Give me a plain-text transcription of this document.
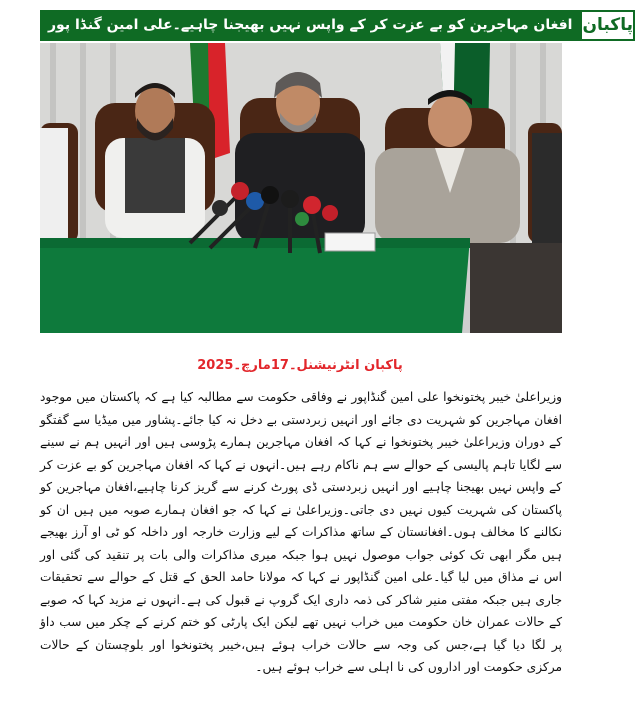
افغان مہاجرین کو بے عزت کر کے واپس نہیں بھیجنا چاہیے۔علی امین گنڈا پور پاکبان
پاکبان انٹرنیشنل۔17مارچ۔2025

وزیراعلیٰ خیبر پختونخوا علی امین گنڈاپور نے وفاقی حکومت سے مطالبہ کیا ہے کہ پاکستان میں موجود افغان مہاجرین کو شہریت دی جائے اور انہیں زبردستی بے دخل نہ کیا جائے۔پشاور میں میڈیا سے گفتگو کے دوران وزیراعلیٰ خیبر پختونخوا نے کہا کہ افغان مہاجرین ہمارے پڑوسی ہیں اور انہیں ہم نے سینے سے لگایا تاہم پالیسی کے حوالے سے ہم ناکام رہے ہیں۔انہوں نے کہا کہ افغان مہاجرین کو بے عزت کر کے واپس نہیں بھیجنا چاہیے اور انہیں زبردستی ڈی پورٹ کرنے سے گریز کرنا چاہیے،افغان مہاجرین کو پاکستان کی شہریت کیوں نہیں دی جاتی۔وزیراعلیٰ نے کہا کہ جو افغان ہمارے صوبہ میں ہیں ان کو نکالنے کا مخالف ہوں۔افغانستان کے ساتھ مذاکرات کے لیے وزارت خارجہ اور داخلہ کو ٹی او آرز بھیجے ہیں مگر ابھی تک کوئی جواب موصول نہیں ہوا جبکہ میری مذاکرات والی بات پر تنقید کی گئی اور اس نے مذاق میں لیا گیا۔علی امین گنڈاپور نے کہا کہ مولانا حامد الحق کے قتل کے حوالے سے تحقیقات جاری ہیں جبکہ مفتی منیر شاکر کی ذمہ داری ایک گروپ نے قبول کی ہے۔انہوں نے مزید کہا کہ صوبے کے حالات عمران خان حکومت میں خراب نہیں تھے لیکن ایک پارٹی کو ختم کرنے کے چکر میں سب داؤ پر لگا دیا گیا ہے،جس کی وجہ سے حالات خراب ہوئے ہیں،خیبر پختونخوا اور بلوچستان کے حالات مرکزی حکومت اور اداروں کی نا اہلی سے خراب ہوئے ہیں۔
